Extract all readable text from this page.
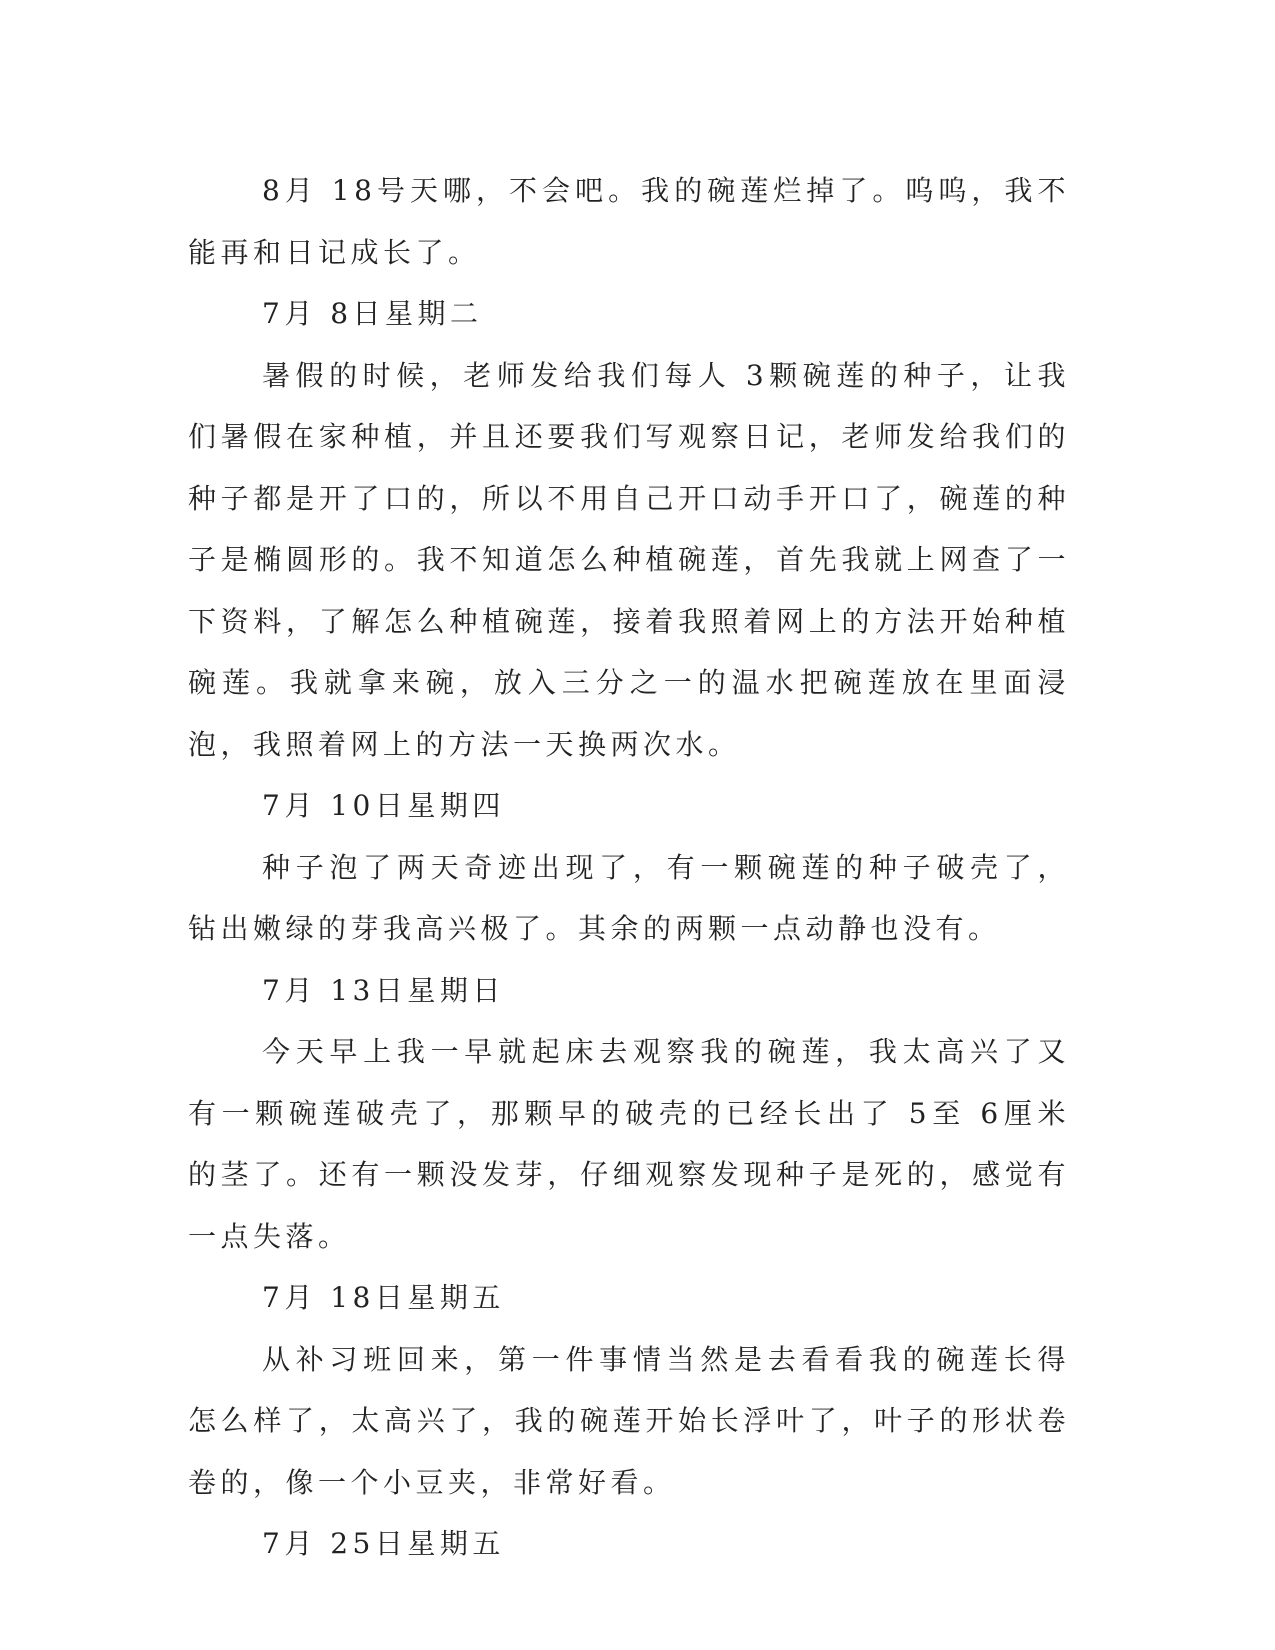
8月 18号天哪，不会吧。我的碗莲烂掉了。呜呜，我不能再和日记成长了。

7月 8日星期二

暑假的时候，老师发给我们每人 3颗碗莲的种子，让我们暑假在家种植，并且还要我们写观察日记，老师发给我们的种子都是开了口的，所以不用自己开口动手开口了，碗莲的种子是椭圆形的。我不知道怎么种植碗莲，首先我就上网查了一下资料，了解怎么种植碗莲，接着我照着网上的方法开始种植碗莲。我就拿来碗，放入三分之一的温水把碗莲放在里面浸泡，我照着网上的方法一天换两次水。

7月 10日星期四

种子泡了两天奇迹出现了，有一颗碗莲的种子破壳了，钻出嫩绿的芽我高兴极了。其余的两颗一点动静也没有。

7月 13日星期日

今天早上我一早就起床去观察我的碗莲，我太高兴了又有一颗碗莲破壳了，那颗早的破壳的已经长出了 5至 6厘米的茎了。还有一颗没发芽，仔细观察发现种子是死的，感觉有一点失落。

7月 18日星期五

从补习班回来，第一件事情当然是去看看我的碗莲长得怎么样了，太高兴了，我的碗莲开始长浮叶了，叶子的形状卷卷的，像一个小豆夹，非常好看。

7月 25日星期五
